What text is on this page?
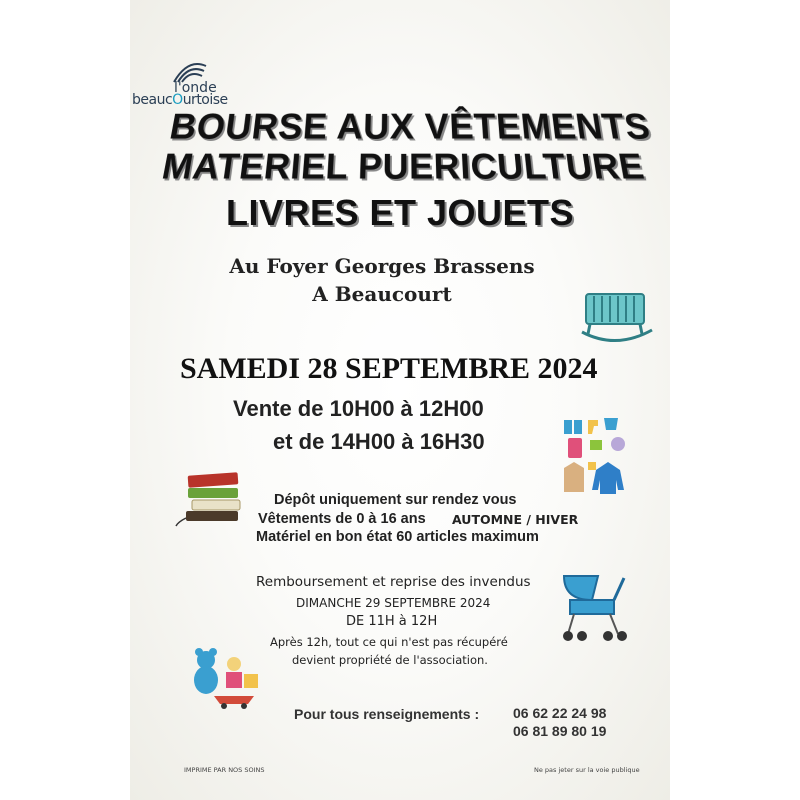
l'onde
beaucOurtoise
BOURSE AUX VÊTEMENTS
MATERIEL PUERICULTURE
LIVRES ET JOUETS
Au Foyer Georges Brassens
A Beaucourt
SAMEDI 28 SEPTEMBRE 2024
Vente de 10H00 à 12H00
et de 14H00 à 16H30
Dépôt uniquement sur rendez vous
Vêtements de 0 à 16 ans AUTOMNE / HIVER
Matériel en bon état 60 articles maximum
Remboursement et reprise des invendus
DIMANCHE 29 SEPTEMBRE 2024
DE 11H à 12H
Après 12h, tout ce qui n'est pas récupéré
devient propriété de l'association.
Pour tous renseignements : 06 62 22 24 98
06 81 89 80 19
IMPRIME PAR NOS SOINS	Ne pas jeter sur la voie publique
